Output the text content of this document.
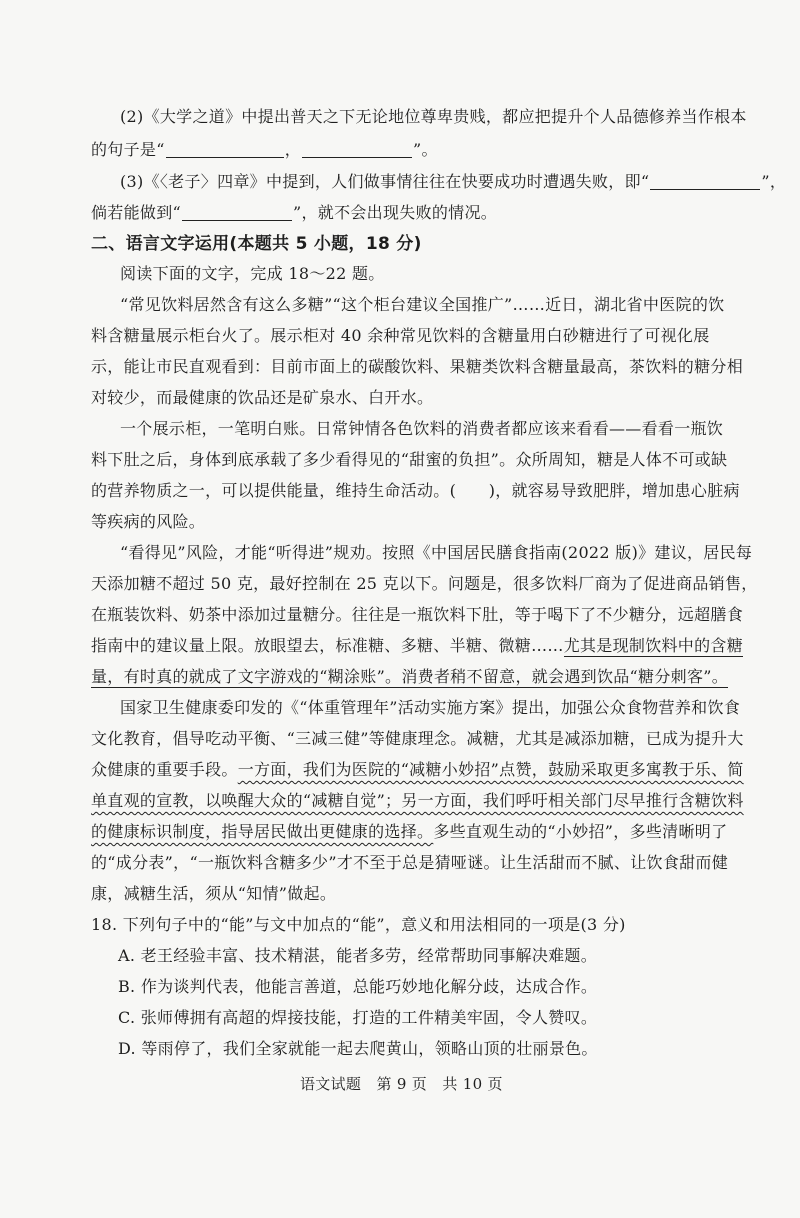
(2)《大学之道》中提出普天之下无论地位尊卑贵贱，都应把提升个人品德修养当作根本
的句子是“	，	”。
(3)《〈老子〉四章》中提到，人们做事情往往在快要成功时遭遇失败，即“	”，
倘若能做到“	”，就不会出现失败的情况。
二、语言文字运用(本题共 5 小题，18 分)
阅读下面的文字，完成 18～22 题。
“常见饮料居然含有这么多糖”“这个柜台建议全国推广”……近日，湖北省中医院的饮
料含糖量展示柜台火了。展示柜对 40 余种常见饮料的含糖量用白砂糖进行了可视化展
示，能让市民直观看到：目前市面上的碳酸饮料、果糖类饮料含糖量最高，茶饮料的糖分相
对较少，而最健康的饮品还是矿泉水、白开水。
一个展示柜，一笔明白账。日常钟情各色饮料的消费者都应该来看看——看看一瓶饮
料下肚之后，身体到底承载了多少看得见的“甜蜜的负担”。众所周知，糖是人体不可或缺
的营养物质之一，可以提供能量，维持生命活动。(　　)，就容易导致肥胖，增加患心脏病
等疾病的风险。
“看得见”风险，才能“听得进”规劝。按照《中国居民膳食指南(2022 版)》建议，居民每
天添加糖不超过 50 克，最好控制在 25 克以下。问题是，很多饮料厂商为了促进商品销售，
在瓶装饮料、奶茶中添加过量糖分。往往是一瓶饮料下肚，等于喝下了不少糖分，远超膳食
指南中的建议量上限。放眼望去，标准糖、多糖、半糖、微糖……尤其是现制饮料中的含糖
量，有时真的就成了文字游戏的“糊涂账”。消费者稍不留意，就会遇到饮品“糖分刺客”。
国家卫生健康委印发的《“体重管理年”活动实施方案》提出，加强公众食物营养和饮食
文化教育，倡导吃动平衡、“三减三健”等健康理念。减糖，尤其是减添加糖，已成为提升大
众健康的重要手段。一方面，我们为医院的“减糖小妙招”点赞，鼓励采取更多寓教于乐、简
单直观的宣教，以唤醒大众的“减糖自觉”；另一方面，我们呼吁相关部门尽早推行含糖饮料
的健康标识制度，指导居民做出更健康的选择。多些直观生动的“小妙招”，多些清晰明了
的“成分表”，“一瓶饮料含糖多少”才不至于总是猜哑谜。让生活甜而不腻、让饮食甜而健
康，减糖生活，须从“知情”做起。
18. 下列句子中的“能”与文中加点的“能”，意义和用法相同的一项是(3 分)
A. 老王经验丰富、技术精湛，能者多劳，经常帮助同事解决难题。
B. 作为谈判代表，他能言善道，总能巧妙地化解分歧，达成合作。
C. 张师傅拥有高超的焊接技能，打造的工件精美牢固，令人赞叹。
D. 等雨停了，我们全家就能一起去爬黄山，领略山顶的壮丽景色。
语文试题　第 9 页　共 10 页
